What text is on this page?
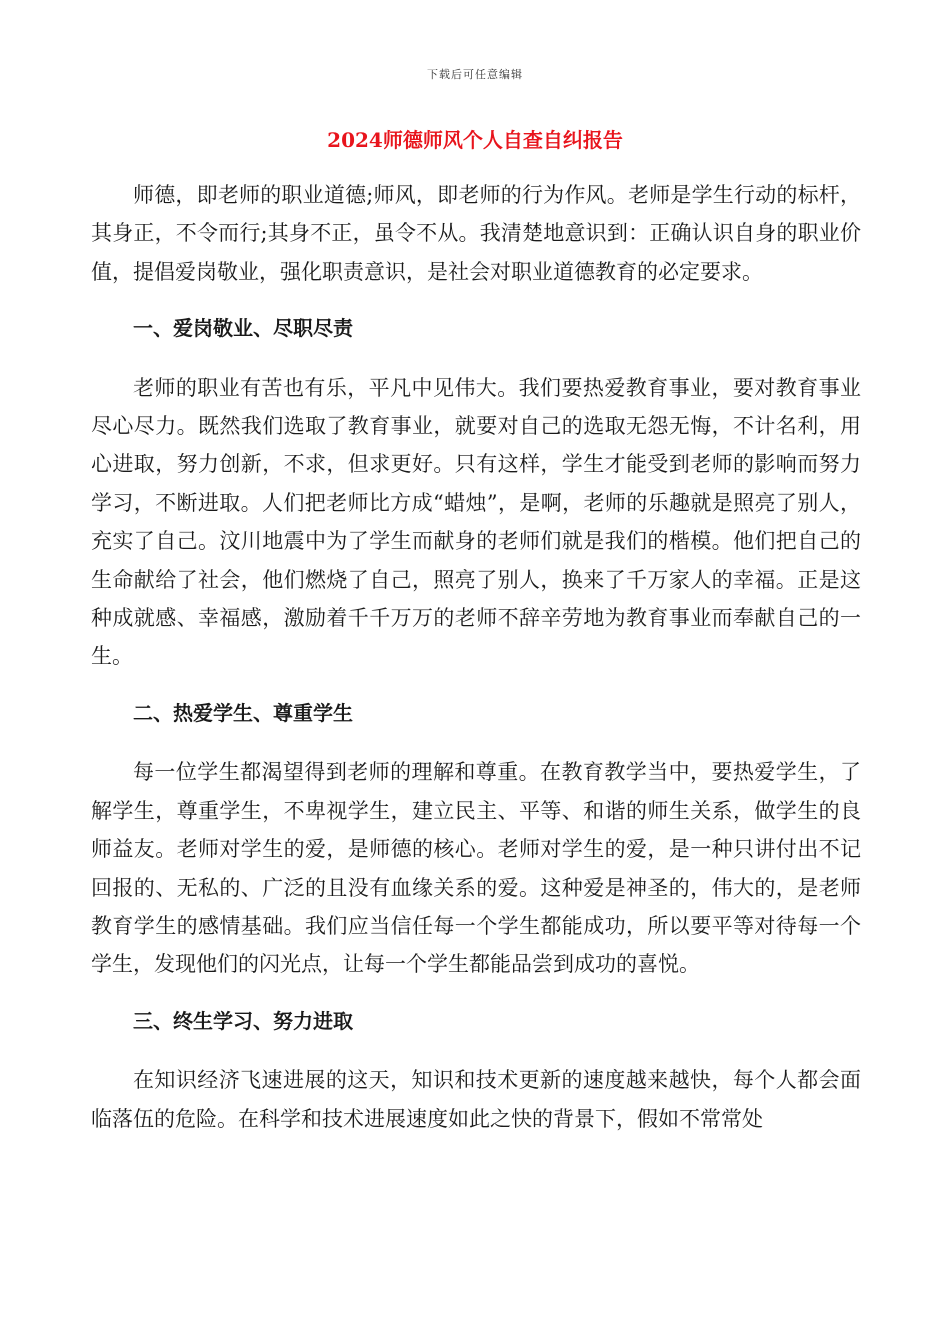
下载后可任意编辑
2024师德师风个人自查自纠报告

师德，即老师的职业道德;师风，即老师的行为作风。老师是学生行动的标杆，其身正，不令而行;其身不正，虽令不从。我清楚地意识到：正确认识自身的职业价值，提倡爱岗敬业，强化职责意识，是社会对职业道德教育的必定要求。

一、爱岗敬业、尽职尽责

老师的职业有苦也有乐，平凡中见伟大。我们要热爱教育事业，要对教育事业尽心尽力。既然我们选取了教育事业，就要对自己的选取无怨无悔，不计名利，用心进取，努力创新，不求，但求更好。只有这样，学生才能受到老师的影响而努力学习，不断进取。人们把老师比方成“蜡烛”，是啊，老师的乐趣就是照亮了别人，充实了自己。汶川地震中为了学生而献身的老师们就是我们的楷模。他们把自己的生命献给了社会，他们燃烧了自己，照亮了别人，换来了千万家人的幸福。正是这种成就感、幸福感，激励着千千万万的老师不辞辛劳地为教育事业而奉献自己的一生。

二、热爱学生、尊重学生

每一位学生都渴望得到老师的理解和尊重。在教育教学当中，要热爱学生，了解学生，尊重学生，不卑视学生，建立民主、平等、和谐的师生关系，做学生的良师益友。老师对学生的爱，是师德的核心。老师对学生的爱，是一种只讲付出不记回报的、无私的、广泛的且没有血缘关系的爱。这种爱是神圣的，伟大的，是老师教育学生的感情基础。我们应当信任每一个学生都能成功，所以要平等对待每一个学生，发现他们的闪光点，让每一个学生都能品尝到成功的喜悦。

三、终生学习、努力进取

在知识经济飞速进展的这天，知识和技术更新的速度越来越快，每个人都会面临落伍的危险。在科学和技术进展速度如此之快的背景下，假如不常常处
